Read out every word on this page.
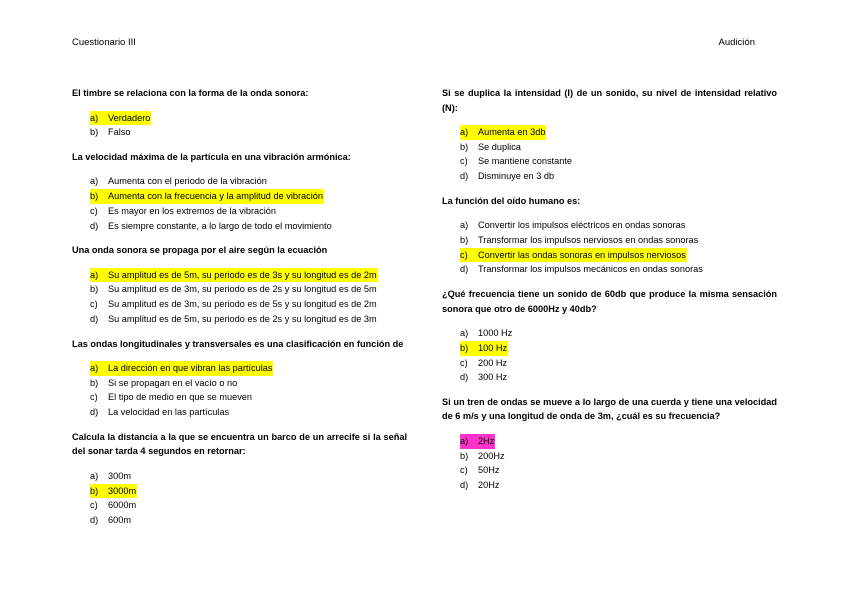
Cuestionario III	Audición

El timbre se relaciona con la forma de la onda sonora:

a)	Verdadero
b)	Falso

La velocidad máxima de la partícula en una vibración armónica:

a)	Aumenta con el periodo de la vibración
b)	Aumenta con la frecuencia y la amplitud de vibración
c)	Es mayor en los extremos de la vibración
d)	Es siempre constante, a lo largo de todo el movimiento

Una onda sonora se propaga por el aire según la ecuación

a)	Su amplitud es de 5m, su periodo es de 3s y su longitud es de 2m
b)	Su amplitud es de 3m, su periodo es de 2s y su longitud es de 5m
c)	Su amplitud es de 3m, su periodo es de 5s y su longitud es de 2m
d)	Su amplitud es de 5m, su periodo es de 2s y su longitud es de 3m

Las ondas longitudinales y transversales es una clasificación en función de

a)	La dirección en que vibran las partículas
b)	Si se propagan en el vacío o no
c)	El tipo de medio en que se mueven
d)	La velocidad en las partículas

Calcula la distancia a la que se encuentra un barco de un arrecife si la señal del sonar tarda 4 segundos en retornar:

a)	300m
b)	3000m
c)	6000m
d)	600m

Si se duplica la intensidad (I) de un sonido, su nivel de intensidad relativo (N):

a)	Aumenta en 3db
b)	Se duplica
c)	Se mantiene constante
d)	Disminuye en 3 db

La función del oído humano es:

a)	Convertir los impulsos eléctricos en ondas sonoras
b)	Transformar los impulsos nerviosos en ondas sonoras
c)	Convertir las ondas sonoras en impulsos nerviosos
d)	Transformar los impulsos mecánicos en ondas sonoras

¿Qué frecuencia tiene un sonido de 60db que produce la misma sensación sonora que otro de 6000Hz y 40db?

a)	1000 Hz
b)	100 Hz
c)	200 Hz
d)	300 Hz

Si un tren de ondas se mueve a lo largo de una cuerda y tiene una velocidad de 6 m/s y una longitud de onda de 3m, ¿cuál es su frecuencia?

a)	2Hz
b)	200Hz
c)	50Hz
d)	20Hz
